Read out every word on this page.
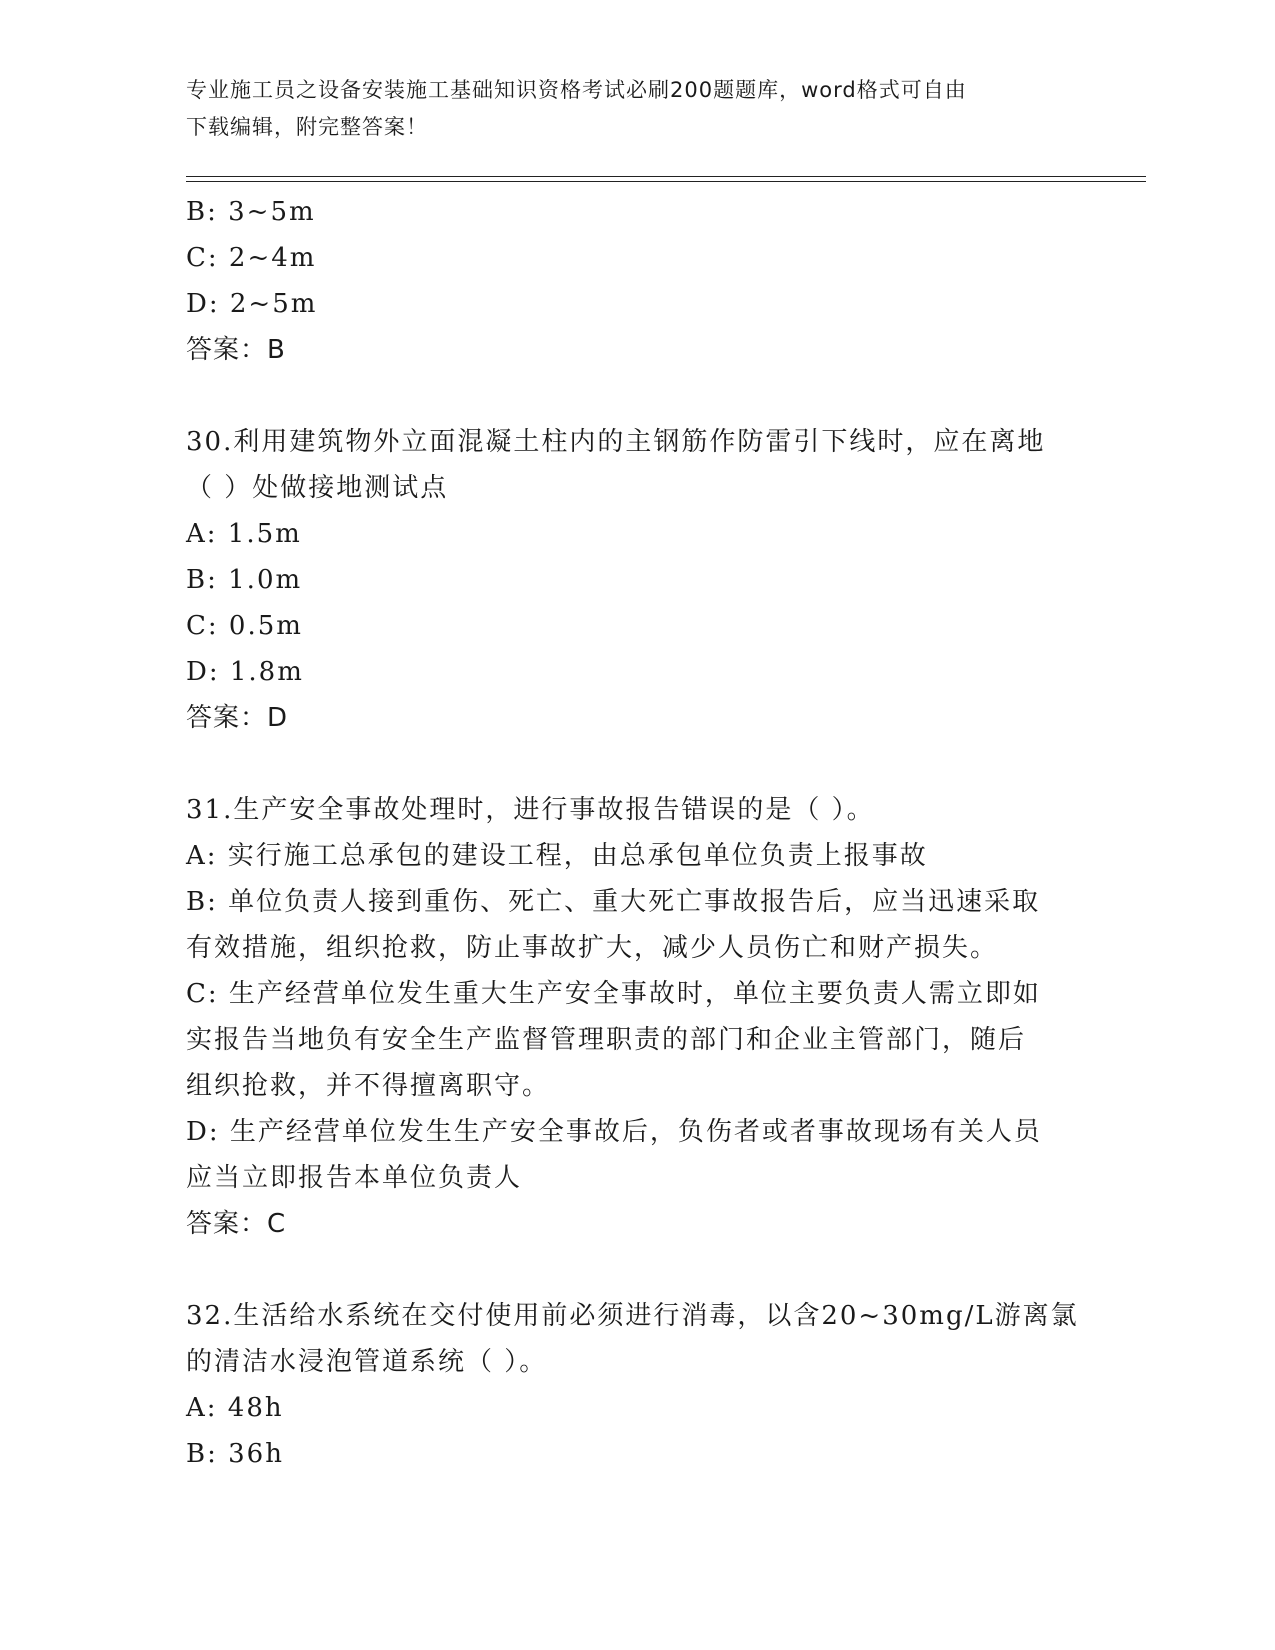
专业施工员之设备安装施工基础知识资格考试必刷200题题库，word格式可自由
下载编辑，附完整答案！
B: 3~5m
C: 2~4m
D: 2~5m
答案：B
30.利用建筑物外立面混凝土柱内的主钢筋作防雷引下线时，应在离地
（ ）处做接地测试点
A: 1.5m
B: 1.0m
C: 0.5m
D: 1.8m
答案：D
31.生产安全事故处理时，进行事故报告错误的是（ ）。
A: 实行施工总承包的建设工程，由总承包单位负责上报事故
B: 单位负责人接到重伤、死亡、重大死亡事故报告后，应当迅速采取
有效措施，组织抢救，防止事故扩大，减少人员伤亡和财产损失。
C: 生产经营单位发生重大生产安全事故时，单位主要负责人需立即如
实报告当地负有安全生产监督管理职责的部门和企业主管部门，随后
组织抢救，并不得擅离职守。
D: 生产经营单位发生生产安全事故后，负伤者或者事故现场有关人员
应当立即报告本单位负责人
答案：C
32.生活给水系统在交付使用前必须进行消毒，以含20~30mg/L游离氯
的清洁水浸泡管道系统（ ）。
A: 48h
B: 36h
